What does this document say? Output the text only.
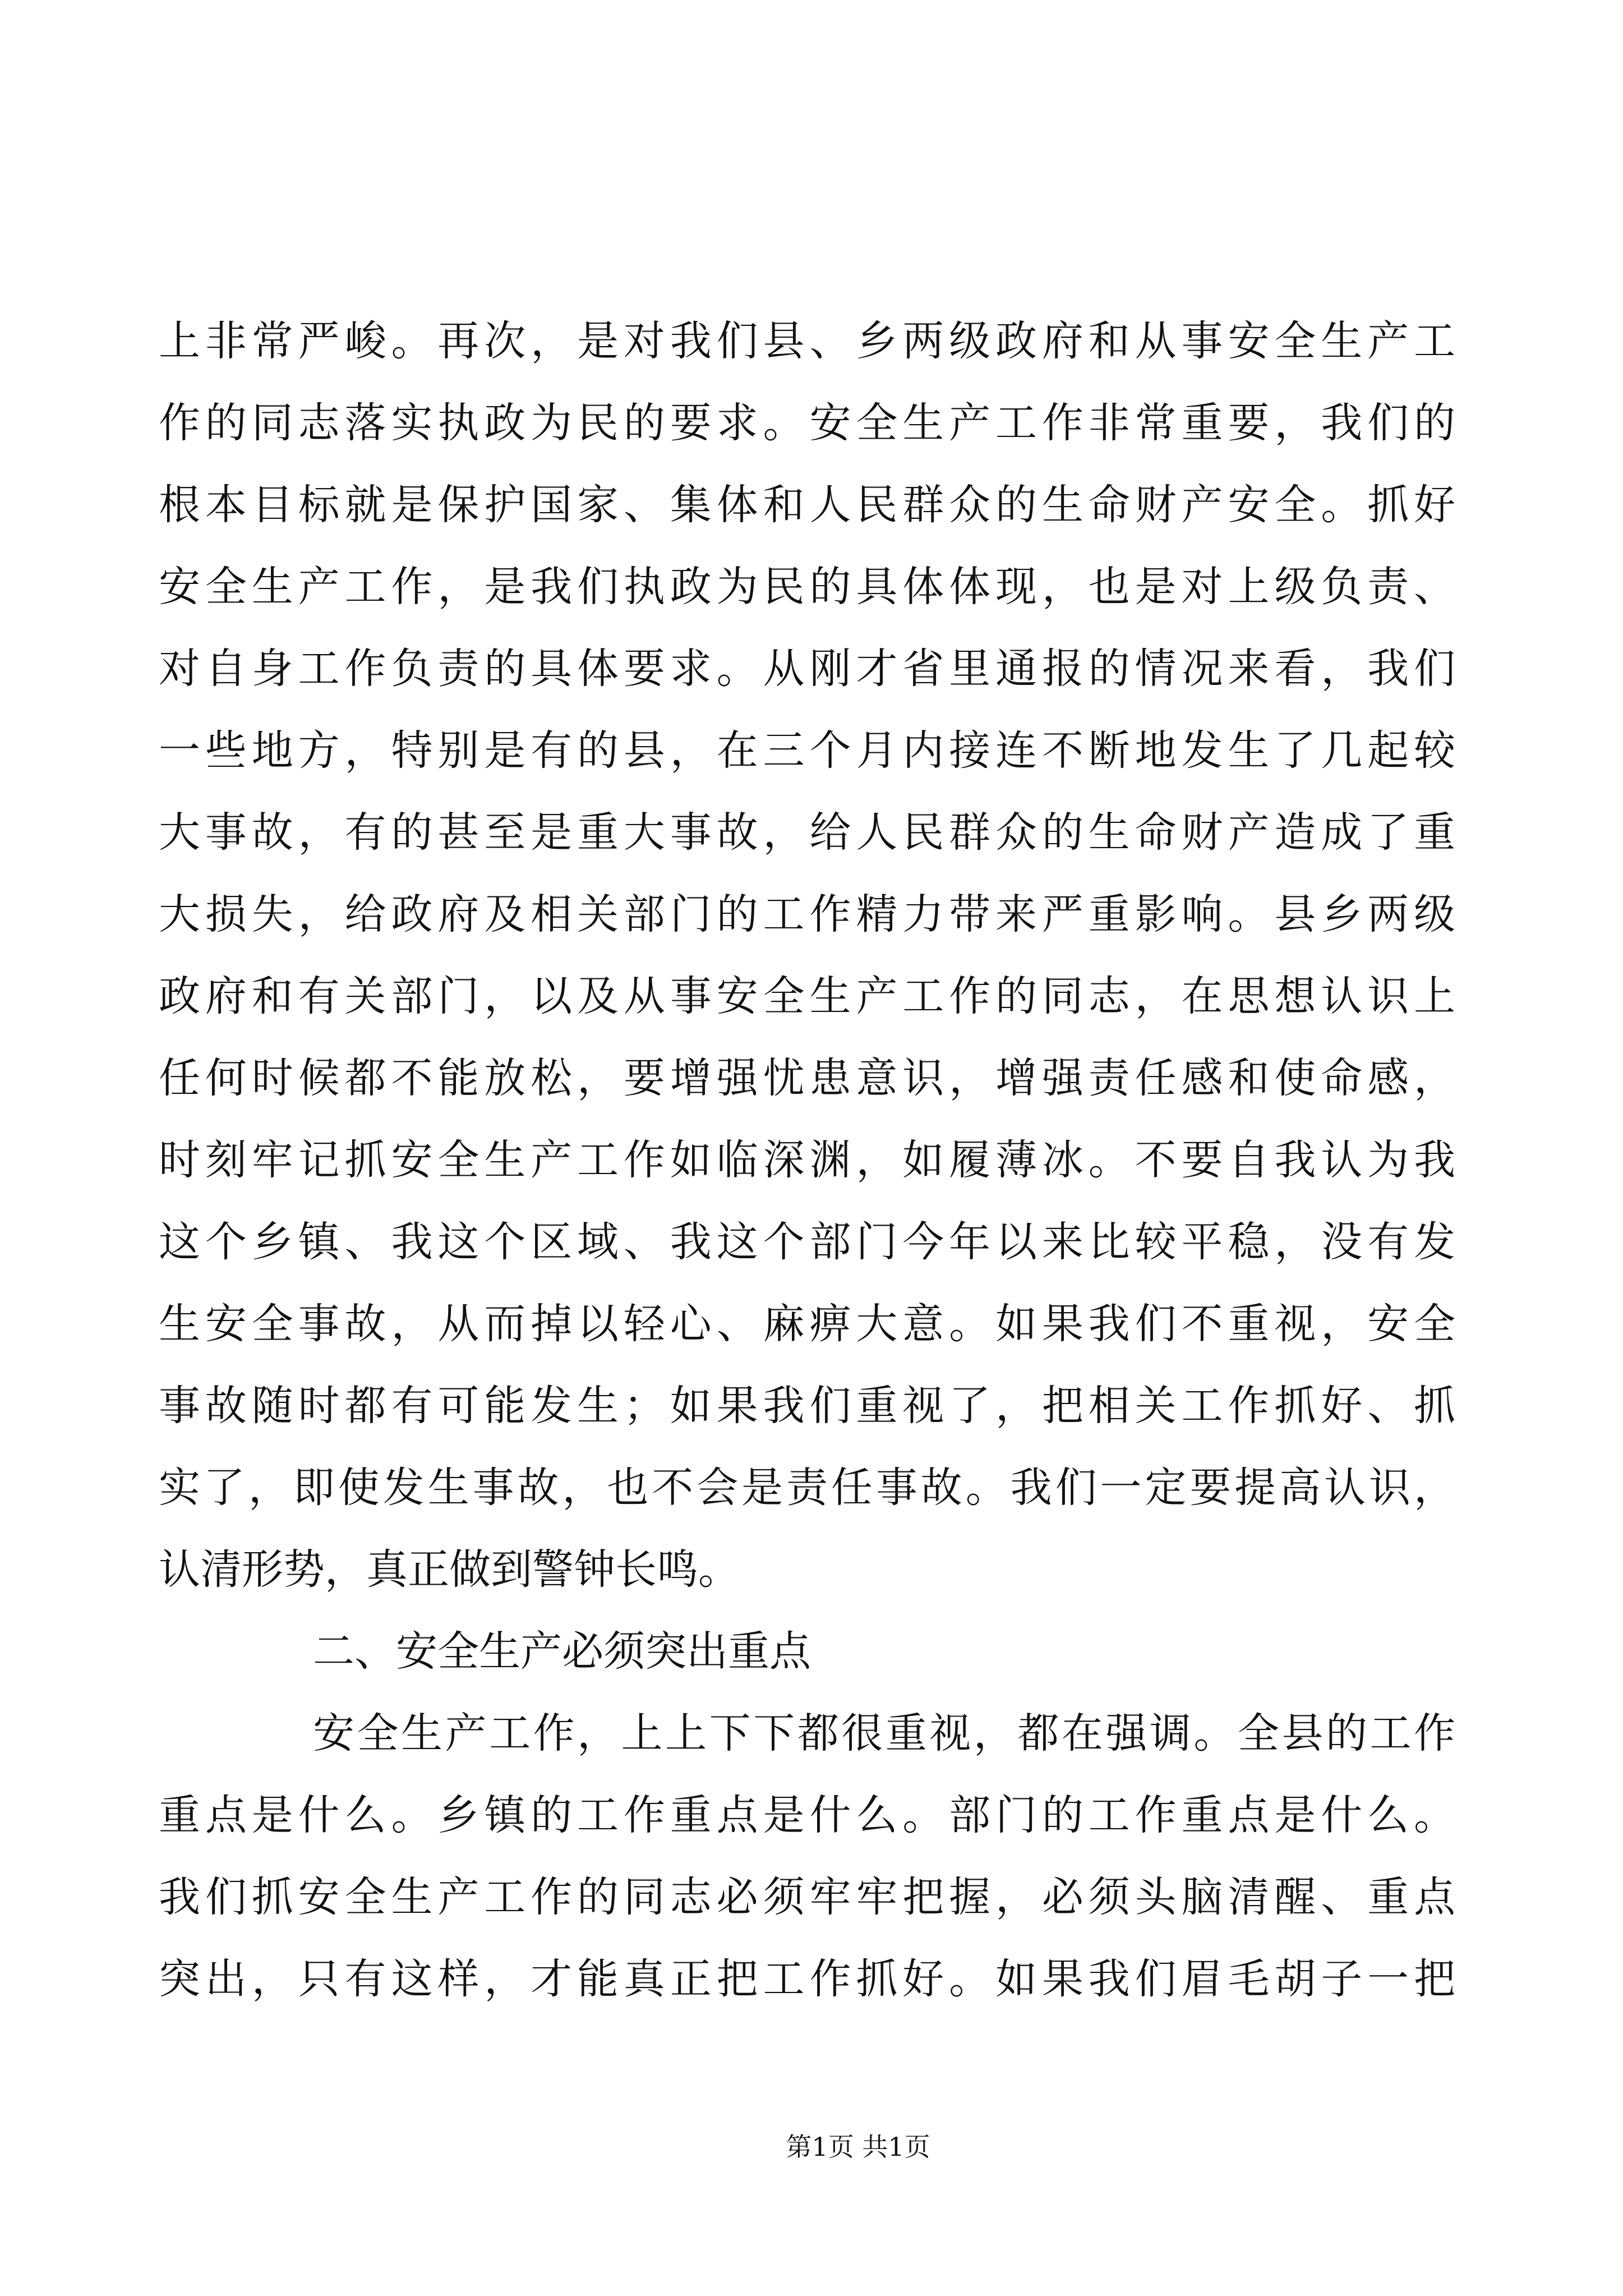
上非常严峻。再次，是对我们县、乡两级政府和从事安全生产工
作的同志落实执政为民的要求。安全生产工作非常重要，我们的
根本目标就是保护国家、集体和人民群众的生命财产安全。抓好
安全生产工作，是我们执政为民的具体体现，也是对上级负责、
对自身工作负责的具体要求。从刚才省里通报的情况来看，我们
一些地方，特别是有的县，在三个月内接连不断地发生了几起较
大事故，有的甚至是重大事故，给人民群众的生命财产造成了重
大损失，给政府及相关部门的工作精力带来严重影响。县乡两级
政府和有关部门，以及从事安全生产工作的同志，在思想认识上
任何时候都不能放松，要增强忧患意识，增强责任感和使命感，
时刻牢记抓安全生产工作如临深渊，如履薄冰。不要自我认为我
这个乡镇、我这个区域、我这个部门今年以来比较平稳，没有发
生安全事故，从而掉以轻心、麻痹大意。如果我们不重视，安全
事故随时都有可能发生；如果我们重视了，把相关工作抓好、抓
实了，即使发生事故，也不会是责任事故。我们一定要提高认识，
认清形势，真正做到警钟长鸣。
二、安全生产必须突出重点
安全生产工作，上上下下都很重视，都在强调。全县的工作
重点是什么。乡镇的工作重点是什么。部门的工作重点是什么。
我们抓安全生产工作的同志必须牢牢把握，必须头脑清醒、重点
突出，只有这样，才能真正把工作抓好。如果我们眉毛胡子一把
第1页 共1页
